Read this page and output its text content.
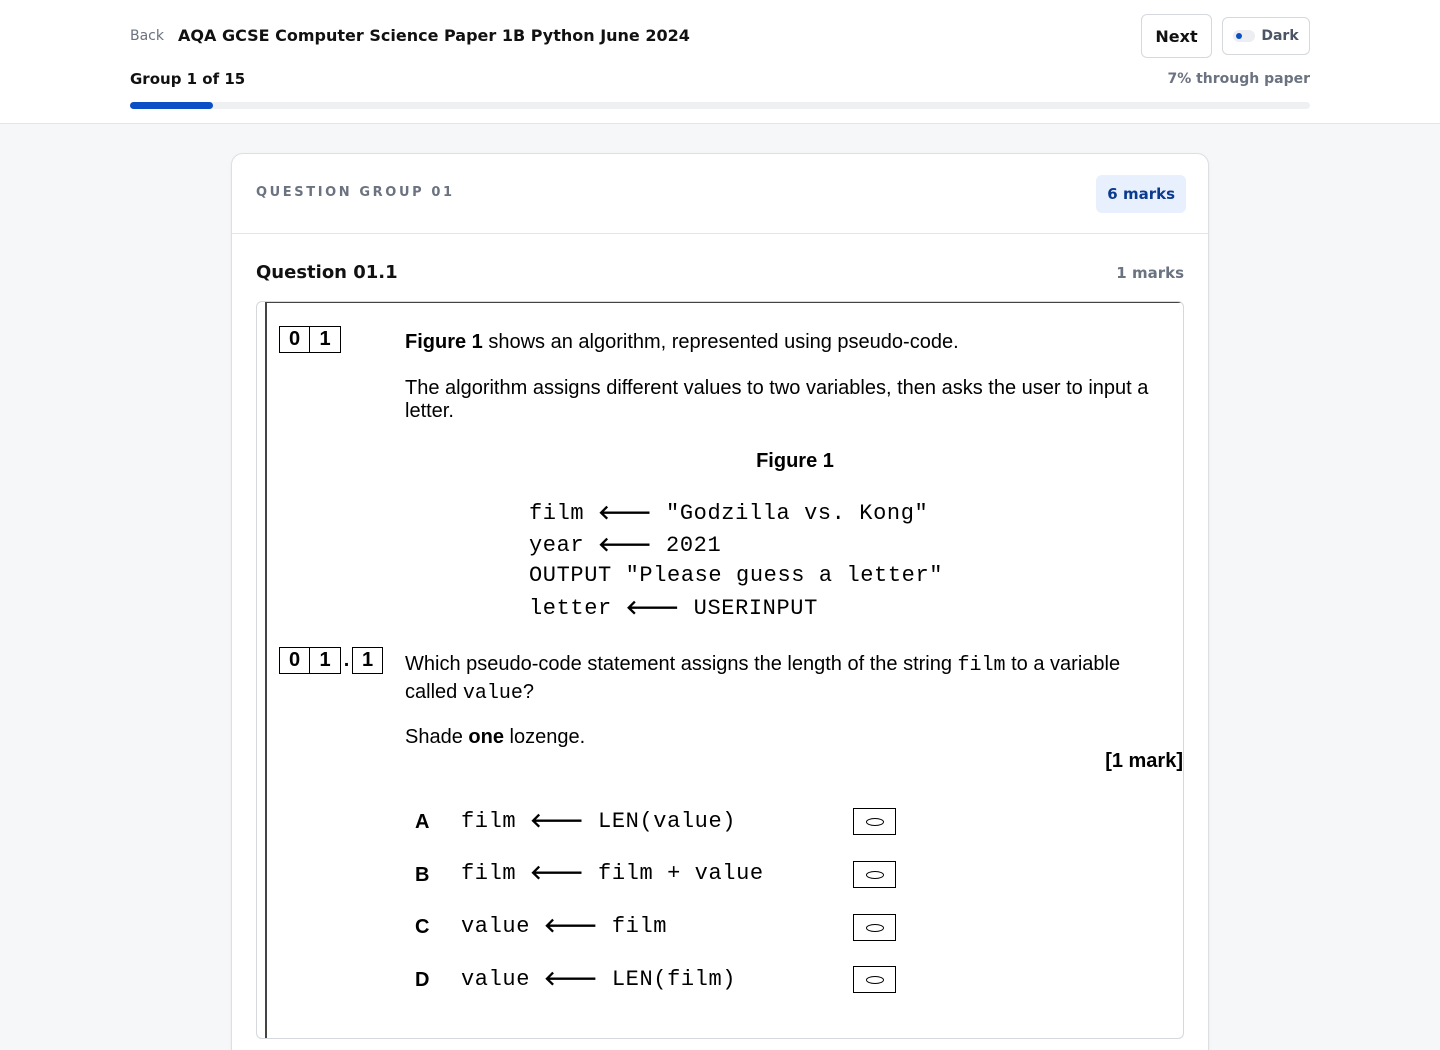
Back AQA GCSE Computer Science Paper 1B Python June 2024	Next	Dark
Group 1 of 15	7% through paper
QUESTION GROUP 01	6 marks
Question 01.1	1 marks
0 1	Figure 1 shows an algorithm, represented using pseudo-code.
The algorithm assigns different values to two variables, then asks the user to input a letter.
Figure 1
film 🡐 "Godzilla vs. Kong"
year 🡐 2021
OUTPUT "Please guess a letter"
letter 🡐 USERINPUT
0 1 . 1	Which pseudo-code statement assigns the length of the string film to a variable called value?
Shade one lozenge.
[1 mark]
A film 🡐 LEN(value)
B film 🡐 film + value
C value 🡐 film
D value 🡐 LEN(film)
